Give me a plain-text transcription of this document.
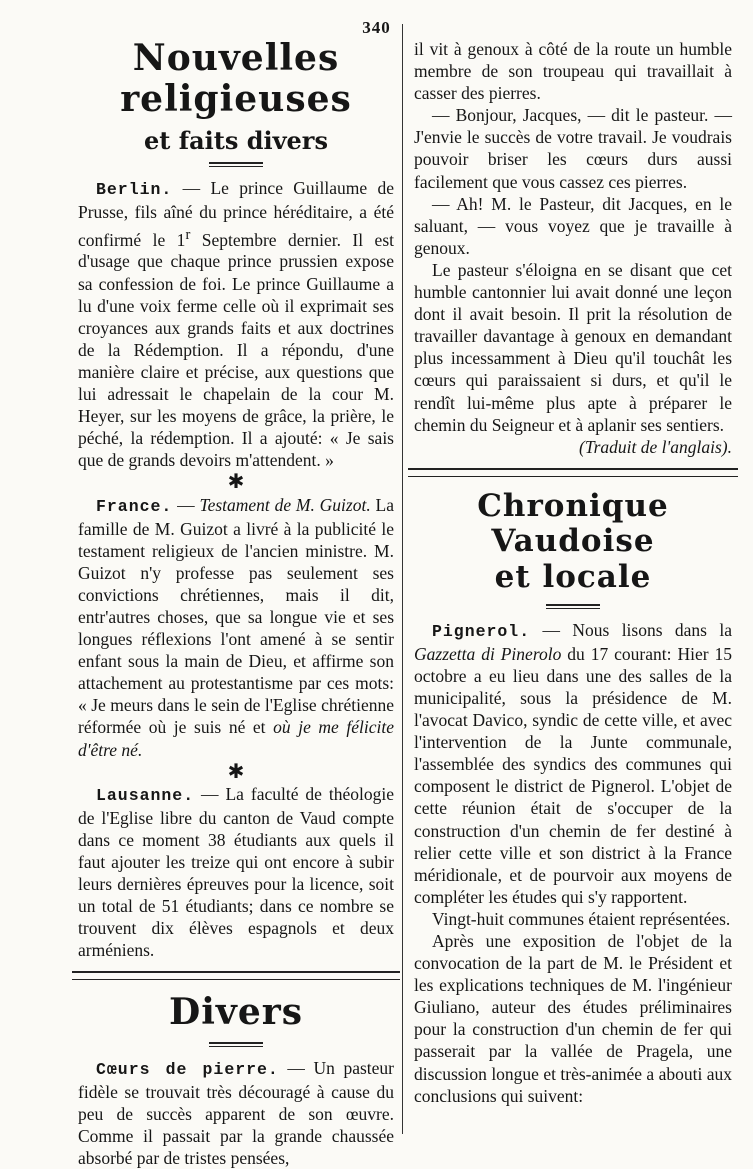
340
Nouvelles religieuses
et faits divers

Berlin. — Le prince Guillaume de Prusse, fils aîné du prince héréditaire, a été confirmé le 1$^r$ Septembre dernier. Il est d'usage que chaque prince prussien expose sa confession de foi. Le prince Guillaume a lu d'une voix ferme celle où il exprimait ses croyances aux grands faits et aux doctrines de la Rédemption. Il a répondu, d'une manière claire et précise, aux questions que lui adressait le chapelain de la cour M. Heyer, sur les moyens de grâce, la prière, le péché, la rédemption. Il a ajouté: « Je sais que de grands devoirs m'attendent. »

✱

France. — Testament de M. Guizot. La famille de M. Guizot a livré à la publicité le testament religieux de l'ancien ministre. M. Guizot n'y professe pas seulement ses convictions chrétiennes, mais il dit, entr'autres choses, que sa longue vie et ses longues réflexions l'ont amené à se sentir enfant sous la main de Dieu, et affirme son attachement au protestantisme par ces mots: « Je meurs dans le sein de l'Eglise chrétienne réformée où je suis né et où je me félicite d'être né.

✱

Lausanne. — La faculté de théologie de l'Eglise libre du canton de Vaud compte dans ce moment 38 étudiants aux quels il faut ajouter les treize qui ont encore à subir leurs dernières épreuves pour la licence, soit un total de 51 étudiants; dans ce nombre se trouvent dix élèves espagnols et deux arméniens.

Divers

Cœurs de pierre. — Un pasteur fidèle se trouvait très découragé à cause du peu de succès apparent de son œuvre. Comme il passait par la grande chaussée absorbé par de tristes pensées,

il vit à genoux à côté de la route un humble membre de son troupeau qui travaillait à casser des pierres.

— Bonjour, Jacques, — dit le pasteur. — J'envie le succès de votre travail. Je voudrais pouvoir briser les cœurs durs aussi facilement que vous cassez ces pierres.

— Ah! M. le Pasteur, dit Jacques, en le saluant, — vous voyez que je travaille à genoux.

Le pasteur s'éloigna en se disant que cet humble cantonnier lui avait donné une leçon dont il avait besoin. Il prit la résolution de travailler davantage à genoux en demandant plus incessamment à Dieu qu'il touchât les cœurs qui paraissaient si durs, et qu'il le rendît lui-même plus apte à préparer le chemin du Seigneur et à aplanir ses sentiers.

(Traduit de l'anglais).

Chronique Vaudoise
et locale

Pignerol. — Nous lisons dans la Gazzetta di Pinerolo du 17 courant: Hier 15 octobre a eu lieu dans une des salles de la municipalité, sous la présidence de M. l'avocat Davico, syndic de cette ville, et avec l'intervention de la Junte communale, l'assemblée des syndics des communes qui composent le district de Pignerol. L'objet de cette réunion était de s'occuper de la construction d'un chemin de fer destiné à relier cette ville et son district à la France méridionale, et de pourvoir aux moyens de compléter les études qui s'y rapportent.

Vingt-huit communes étaient représentées.

Après une exposition de l'objet de la convocation de la part de M. le Président et les explications techniques de M. l'ingénieur Giuliano, auteur des études préliminaires pour la construction d'un chemin de fer qui passerait par la vallée de Pragela, une discussion longue et très-animée a abouti aux conclusions qui suivent:
